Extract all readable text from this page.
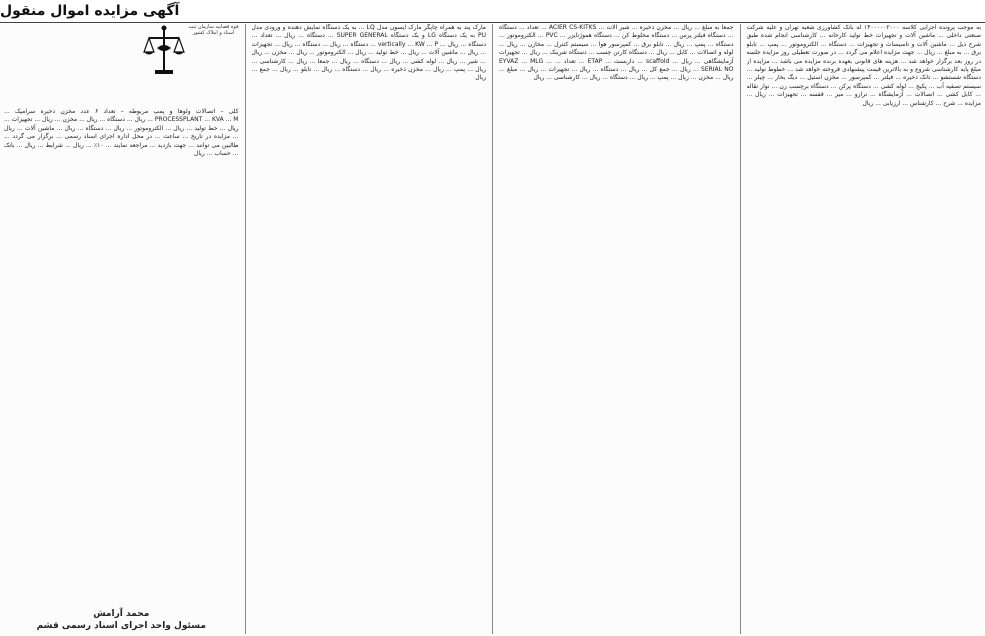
آگهی مزایده اموال منقول
به موجب پرونده اجرایی کلاسه ۱۴۰۰۰۰۰۲۰۰۰ له بانک کشاورزی شعبه تهران و علیه شرکت صنعتی داخلی ... ماشین آلات و تجهیزات خط تولید کارخانه ... کارشناسی انجام شده طبق شرح ذیل ... ماشین آلات و تاسیسات و تجهیزات ... دستگاه ... الکتروموتور ... پمپ ... تابلو برق ... به مبلغ ... ریال ... جهت مزایده اعلام می گردد ... در صورت تعطیلی روز مزایده جلسه در روز بعد برگزار خواهد شد ... هزینه های قانونی بعهده برنده مزایده می باشد ... مزایده از مبلغ پایه کارشناسی شروع و به بالاترین قیمت پیشنهادی فروخته خواهد شد ... خطوط تولید ... دستگاه شستشو ... تانک ذخیره ... فیلتر ... کمپرسور ... مخزن استیل ... دیگ بخار ... چیلر ... سیستم تصفیه آب ... پکیج ... لوله کشی ... دستگاه پرکن ... دستگاه برچسب زن ... نوار نقاله ... کابل کشی ... اتصالات ... آزمایشگاه ... ترازو ... میز ... قفسه ... تجهیزات ... ریال ... مزایده ... شرح ... کارشناس ... ارزیابی ... ریال
جمعا به مبلغ ... ریال ... مخزن ذخیره ... شیر آلات ... ACIER CS-KITKS ... تعداد ... دستگاه ... دستگاه فیلتر پرس ... دستگاه مخلوط کن ... دستگاه هموژنایزر ... PVC ... الکتروموتور ... دستگاه ... پمپ ... ریال ... تابلو برق ... کمپرسور هوا ... سیستم کنترل ... مخازن ... ریال ... لوله و اتصالات ... کابل ... ریال ... دستگاه کارتن چسب ... دستگاه شرینک ... ریال ... تجهیزات آزمایشگاهی ... ریال ... scaffold ... داربست ... ETAP ... تعداد ... EYVAZ ... MLG ... SERIAL NO ... ریال ... جمع کل ... ریال ... دستگاه ... ریال ... تجهیزات ... ریال ... مبلغ ... ریال ... مخزن ... ریال ... پمپ ... ریال ... دستگاه ... ریال ... کارشناسی ... ریال
مارک پند به همراه چاپگر مارک ایسون مدل LQ ... به یک دستگاه نمایش دهنده و ورودی مدل PU به یک دستگاه LG و یک دستگاه SUPER GENERAL ... دستگاه ... ریال ... تعداد ... دستگاه ... ریال ... vertically ... KW ... P ... دستگاه ... ریال ... دستگاه ... ریال ... تجهیزات ... ریال ... ماشین آلات ... ریال ... خط تولید ... ریال ... الکتروموتور ... ریال ... مخزن ... ریال ... شیر ... ریال ... لوله کشی ... ریال ... دستگاه ... ریال ... جمعا ... ریال ... کارشناسی ... ریال ... پمپ ... ریال ... مخزن ذخیره ... ریال ... دستگاه ... ریال ... تابلو ... ریال ... جمع ... ریال
قوه قضاییه سازمان ثبت اسناد و املاک کشور
کلی – اتصالات ولوها و پمپ مربوطه – تعداد ۶ عدد مخزن ذخیره سرامیک ... PROCESSPLANT ... KVA ... M ... ریال ... دستگاه ... ریال ... مخزن ... ریال ... تجهیزات ... ریال ... خط تولید ... ریال ... الکتروموتور ... ریال ... دستگاه ... ریال ... ماشین آلات ... ریال ... مزایده در تاریخ ... ساعت ... در محل اداره اجرای اسناد رسمی ... برگزار می گردد ... طالبین می توانند ... جهت بازدید ... مراجعه نمایند ... ۱۰٪ ... ریال ... شرایط ... ریال ... بانک ... حساب ... ریال
محمد آرامش
مسئول واحد اجرای اسناد رسمی قشم
